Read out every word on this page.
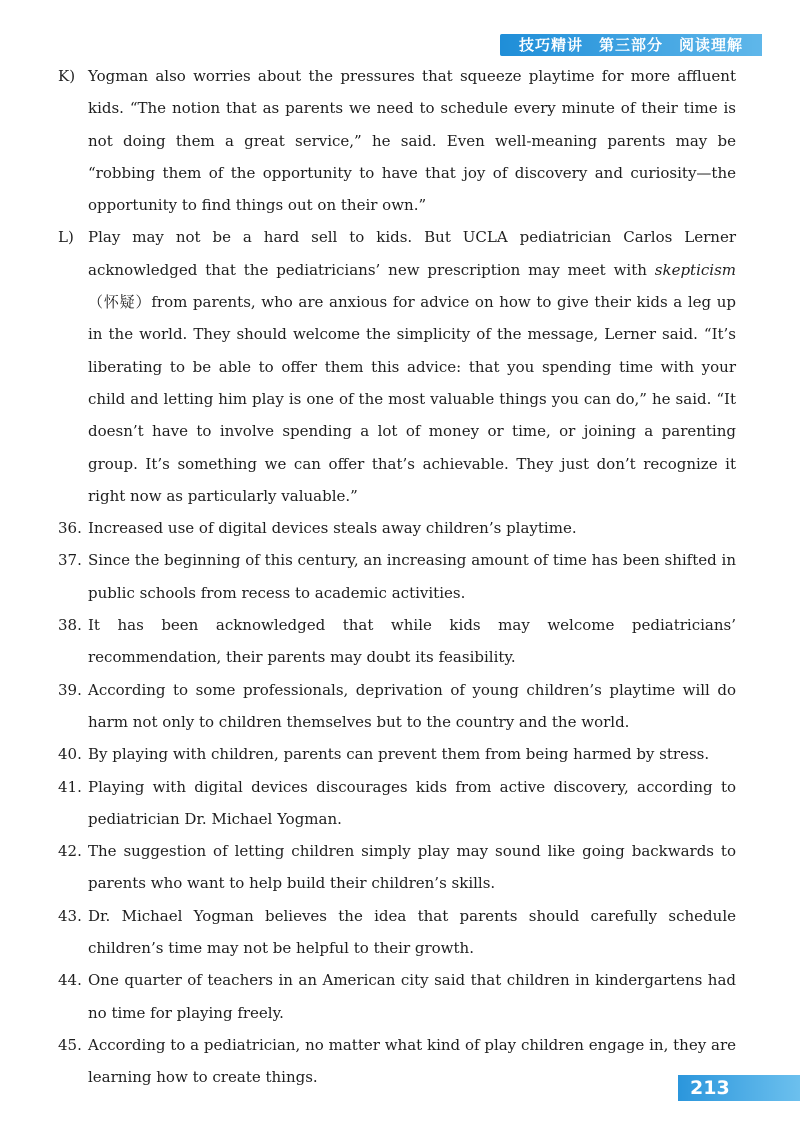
技巧精讲　第三部分　阅读理解
K) Yogman also worries about the pressures that squeeze playtime for more affluent kids. “The notion that as parents we need to schedule every minute of their time is not doing them a great service,” he said. Even well-meaning parents may be “robbing them of the opportunity to have that joy of discovery and curiosity—the opportunity to find things out on their own.”
L) Play may not be a hard sell to kids. But UCLA pediatrician Carlos Lerner acknowledged that the pediatricians’ new prescription may meet with skepticism（怀疑）from parents, who are anxious for advice on how to give their kids a leg up in the world. They should welcome the simplicity of the message, Lerner said. “It’s liberating to be able to offer them this advice: that you spending time with your child and letting him play is one of the most valuable things you can do,” he said. “It doesn’t have to involve spending a lot of money or time, or joining a parenting group. It’s something we can offer that’s achievable. They just don’t recognize it right now as particularly valuable.”
36. Increased use of digital devices steals away children’s playtime.
37. Since the beginning of this century, an increasing amount of time has been shifted in public schools from recess to academic activities.
38. It has been acknowledged that while kids may welcome pediatricians’ recommendation, their parents may doubt its feasibility.
39. According to some professionals, deprivation of young children’s playtime will do harm not only to children themselves but to the country and the world.
40. By playing with children, parents can prevent them from being harmed by stress.
41. Playing with digital devices discourages kids from active discovery, according to pediatrician Dr. Michael Yogman.
42. The suggestion of letting children simply play may sound like going backwards to parents who want to help build their children’s skills.
43. Dr. Michael Yogman believes the idea that parents should carefully schedule children’s time may not be helpful to their growth.
44. One quarter of teachers in an American city said that children in kindergartens had no time for playing freely.
45. According to a pediatrician, no matter what kind of play children engage in, they are learning how to create things.	213
